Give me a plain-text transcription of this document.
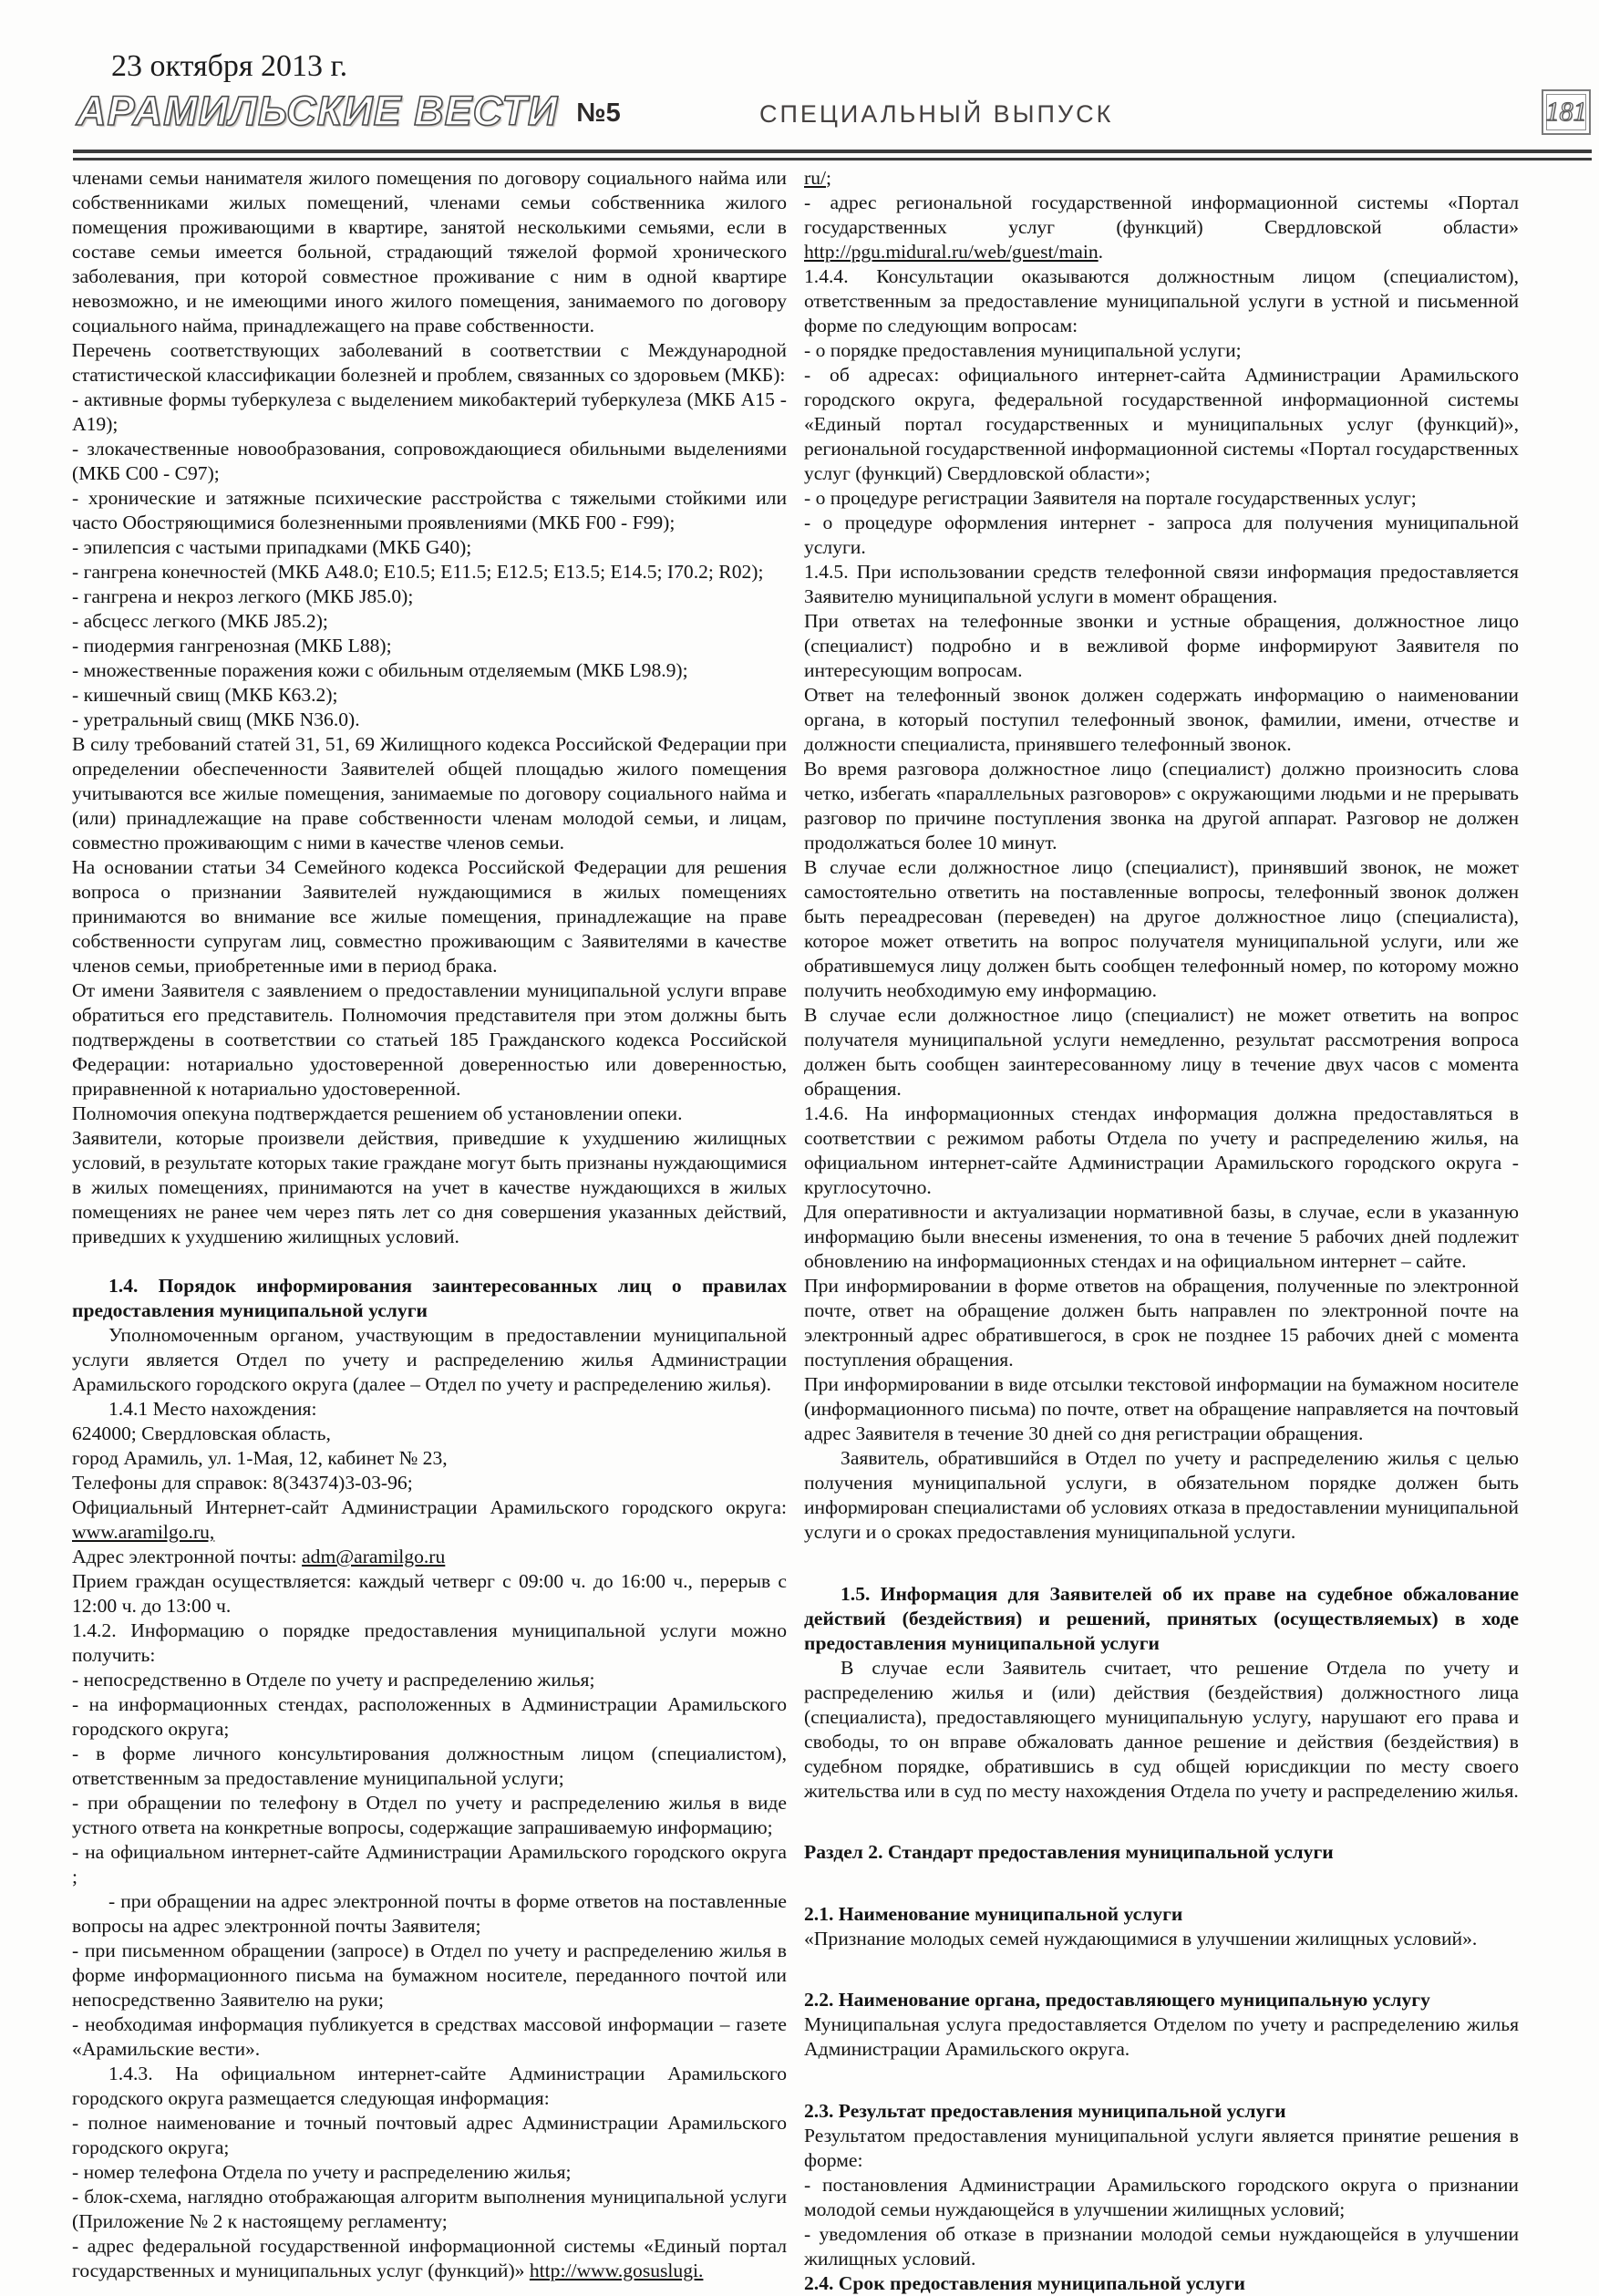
23 октября 2013 г.
АРАМИЛЬСКИЕ ВЕСТИ №5	СПЕЦИАЛЬНЫЙ ВЫПУСК	181

членами семьи нанимателя жилого помещения по договору социального найма или собственниками жилых помещений, членами семьи собственника жилого помещения проживающими в квартире, занятой несколькими семьями, если в составе семьи имеется больной, страдающий тяжелой формой хронического заболевания, при которой совместное проживание с ним в одной квартире невозможно, и не имеющими иного жилого помещения, занимаемого по договору социального найма, принадлежащего на праве собственности.

Перечень соответствующих заболеваний в соответствии с Международной статистической классификации болезней и проблем, связанных со здоровьем (МКБ):

- активные формы туберкулеза с выделением микобактерий туберкулеза (МКБ А15 - А19);

- злокачественные новообразования, сопровождающиеся обильными выделениями (МКБ С00 - С97);

- хронические и затяжные психические расстройства с тяжелыми стойкими или часто Обостряющимися болезненными проявлениями (МКБ F00 - F99);

- эпилепсия с частыми припадками (МКБ G40);

- гангрена конечностей (МКБ А48.0; Е10.5; Е11.5; Е12.5; Е13.5; Е14.5; I70.2; R02);

- гангрена и некроз легкого (МКБ J85.0);

- абсцесс легкого (МКБ J85.2);

- пиодермия гангренозная (МКБ L88);

- множественные поражения кожи с обильным отделяемым (МКБ L98.9);

- кишечный свищ (МКБ К63.2);

- уретральный свищ (МКБ N36.0).

В силу требований статей 31, 51, 69 Жилищного кодекса Российской Федерации при определении обеспеченности Заявителей общей площадью жилого помещения учитываются все жилые помещения, занимаемые по договору социального найма и (или) принадлежащие на праве собственности членам молодой семьи, и лицам, совместно проживающим с ними в качестве членов семьи.

На основании статьи 34 Семейного кодекса Российской Федерации для решения вопроса о признании Заявителей нуждающимися в жилых помещениях принимаются во внимание все жилые помещения, принадлежащие на праве собственности супругам лиц, совместно проживающим с Заявителями в качестве членов семьи, приобретенные ими в период брака.

От имени Заявителя с заявлением о предоставлении муниципальной услуги вправе обратиться его представитель. Полномочия представителя при этом должны быть подтверждены в соответствии со статьей 185 Гражданского кодекса Российской Федерации: нотариально удостоверенной доверенностью или доверенностью, приравненной к нотариально удостоверенной.

Полномочия опекуна подтверждается решением об установлении опеки.

Заявители, которые произвели действия, приведшие к ухудшению жилищных условий, в результате которых такие граждане могут быть признаны нуждающимися в жилых помещениях, принимаются на учет в качестве нуждающихся в жилых помещениях не ранее чем через пять лет со дня совершения указанных действий, приведших к ухудшению жилищных условий.

1.4. Порядок информирования заинтересованных лиц о правилах предоставления муниципальной услуги

Уполномоченным органом, участвующим в предоставлении муниципальной услуги является Отдел по учету и распределению жилья Администрации Арамильского городского округа (далее – Отдел по учету и распределению жилья).

1.4.1 Место нахождения:

624000; Свердловская область,

город Арамиль, ул. 1-Мая, 12, кабинет № 23,

Телефоны для справок: 8(34374)3-03-96;

Официальный Интернет-сайт Администрации Арамильского городского округа: www.aramilgo.ru,

Адрес электронной почты: adm@aramilgo.ru

Прием граждан осуществляется: каждый четверг с 09:00 ч. до 16:00 ч., перерыв с 12:00 ч. до 13:00 ч.

1.4.2. Информацию о порядке предоставления муниципальной услуги можно получить:

- непосредственно в Отделе по учету и распределению жилья;

- на информационных стендах, расположенных в Администрации Арамильского городского округа;

- в форме личного консультирования должностным лицом (специалистом), ответственным за предоставление муниципальной услуги;

- при обращении по телефону в Отдел по учету и распределению жилья в виде устного ответа на конкретные вопросы, содержащие запрашиваемую информацию;

- на официальном интернет-сайте Администрации Арамильского городского округа ;

- при обращении на адрес электронной почты в форме ответов на поставленные вопросы на адрес электронной почты Заявителя;

- при письменном обращении (запросе) в Отдел по учету и распределению жилья в форме информационного письма на бумажном носителе, переданного почтой или непосредственно Заявителю на руки;

- необходимая информация публикуется в средствах массовой информации – газете «Арамильские вести».

1.4.3. На официальном интернет-сайте Администрации Арамильского городского округа размещается следующая информация:

- полное наименование и точный почтовый адрес Администрации Арамильского городского округа;

- номер телефона Отдела по учету и распределению жилья;

- блок-схема, наглядно отображающая алгоритм выполнения муниципальной услуги (Приложение № 2 к настоящему регламенту;

- адрес федеральной государственной информационной системы «Единый портал государственных и муниципальных услуг (функций)» http://www.gosuslugi.

ru/;

- адрес региональной государственной информационной системы «Портал государственных услуг (функций) Свердловской области» http://pgu.midural.ru/web/guest/main.

1.4.4. Консультации оказываются должностным лицом (специалистом), ответственным за предоставление муниципальной услуги в устной и письменной форме по следующим вопросам:

- о порядке предоставления муниципальной услуги;

- об адресах: официального интернет-сайта Администрации Арамильского городского округа, федеральной государственной информационной системы «Единый портал государственных и муниципальных услуг (функций)», региональной государственной информационной системы «Портал государственных услуг (функций) Свердловской области»;

- о процедуре регистрации Заявителя на портале государственных услуг;

- о процедуре оформления интернет - запроса для получения муниципальной услуги.

1.4.5. При использовании средств телефонной связи информация предоставляется Заявителю муниципальной услуги в момент обращения.

При ответах на телефонные звонки и устные обращения, должностное лицо (специалист) подробно и в вежливой форме информируют Заявителя по интересующим вопросам.

Ответ на телефонный звонок должен содержать информацию о наименовании органа, в который поступил телефонный звонок, фамилии, имени, отчестве и должности специалиста, принявшего телефонный звонок.

Во время разговора должностное лицо (специалист) должно произносить слова четко, избегать «параллельных разговоров» с окружающими людьми и не прерывать разговор по причине поступления звонка на другой аппарат. Разговор не должен продолжаться более 10 минут.

В случае если должностное лицо (специалист), принявший звонок, не может самостоятельно ответить на поставленные вопросы, телефонный звонок должен быть переадресован (переведен) на другое должностное лицо (специалиста), которое может ответить на вопрос получателя муниципальной услуги, или же обратившемуся лицу должен быть сообщен телефонный номер, по которому можно получить необходимую ему информацию.

В случае если должностное лицо (специалист) не может ответить на вопрос получателя муниципальной услуги немедленно, результат рассмотрения вопроса должен быть сообщен заинтересованному лицу в течение двух часов с момента обращения.

1.4.6. На информационных стендах информация должна предоставляться в соответствии с режимом работы Отдела по учету и распределению жилья, на официальном интернет-сайте Администрации Арамильского городского округа - круглосуточно.

Для оперативности и актуализации нормативной базы, в случае, если в указанную информацию были внесены изменения, то она в течение 5 рабочих дней подлежит обновлению на информационных стендах и на официальном интернет – сайте.

При информировании в форме ответов на обращения, полученные по электронной почте, ответ на обращение должен быть направлен по электронной почте на электронный адрес обратившегося, в срок не позднее 15 рабочих дней с момента поступления обращения.

При информировании в виде отсылки текстовой информации на бумажном носителе (информационного письма) по почте, ответ на обращение направляется на почтовый адрес Заявителя в течение 30 дней со дня регистрации обращения.

Заявитель, обратившийся в Отдел по учету и распределению жилья с целью получения муниципальной услуги, в обязательном порядке должен быть информирован специалистами об условиях отказа в предоставлении муниципальной услуги и о сроках предоставления муниципальной услуги.

1.5. Информация для Заявителей об их праве на судебное обжалование действий (бездействия) и решений, принятых (осуществляемых) в ходе предоставления муниципальной услуги

В случае если Заявитель считает, что решение Отдела по учету и распределению жилья и (или) действия (бездействия) должностного лица (специалиста), предоставляющего муниципальную услугу, нарушают его права и свободы, то он вправе обжаловать данное решение и действия (бездействия) в судебном порядке, обратившись в суд общей юрисдикции по месту своего жительства или в суд по месту нахождения Отдела по учету и распределению жилья.

Раздел 2. Стандарт предоставления муниципальной услуги

2.1. Наименование муниципальной услуги

«Признание молодых семей нуждающимися в улучшении жилищных условий».

2.2. Наименование органа, предоставляющего муниципальную услугу

Муниципальная услуга предоставляется Отделом по учету и распределению жилья Администрации Арамильского округа.

2.3. Результат предоставления муниципальной услуги

Результатом предоставления муниципальной услуги является принятие решения в форме:

- постановления Администрации Арамильского городского округа о признании молодой семьи нуждающейся в улучшении жилищных условий;

- уведомления об отказе в признании молодой семьи нуждающейся в улучшении жилищных условий.

2.4. Срок предоставления муниципальной услуги
